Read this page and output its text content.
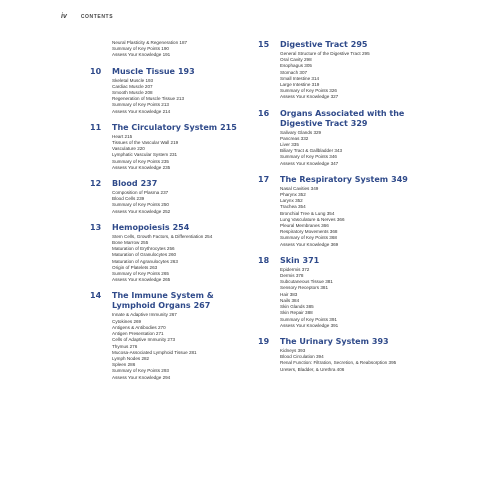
iv	CONTENTS
Neural Plasticity & Regeneration 187
Summary of Key Points 190
Assess Your Knowledge 191
10	Muscle Tissue 193
Skeletal Muscle 193
Cardiac Muscle 207
Smooth Muscle 208
Regeneration of Muscle Tissue 213
Summary of Key Points 213
Assess Your Knowledge 214
11	The Circulatory System 215
Heart 215
Tissues of the Vascular Wall 219
Vasculature 220
Lymphatic Vascular System 231
Summary of Key Points 235
Assess Your Knowledge 235
12	Blood 237
Composition of Plasma 237
Blood Cells 239
Summary of Key Points 250
Assess Your Knowledge 252
13	Hemopoiesis 254
Stem Cells, Growth Factors, & Differentiation 254
Bone Marrow 255
Maturation of Erythrocytes 256
Maturation of Granulocytes 260
Maturation of Agranulocytes 263
Origin of Platelets 263
Summary of Key Points 265
Assess Your Knowledge 265
14	The Immune System & Lymphoid Organs 267
Innate & Adaptive Immunity 267
Cytokines 269
Antigens & Antibodies 270
Antigen Presentation 271
Cells of Adaptive Immunity 273
Thymus 276
Mucosa-Associated Lymphoid Tissue 281
Lymph Nodes 282
Spleen 286
Summary of Key Points 293
Assess Your Knowledge 294
15	Digestive Tract 295
General Structure of the Digestive Tract 295
Oral Cavity 298
Esophagus 305
Stomach 307
Small Intestine 314
Large Intestine 319
Summary of Key Points 326
Assess Your Knowledge 327
16	Organs Associated with the Digestive Tract 329
Salivary Glands 329
Pancreas 332
Liver 335
Biliary Tract & Gallbladder 343
Summary of Key Points 346
Assess Your Knowledge 347
17	The Respiratory System 349
Nasal Cavities 349
Pharynx 352
Larynx 352
Trachea 354
Bronchial Tree & Lung 354
Lung Vasculature & Nerves 366
Pleural Membranes 366
Respiratory Movements 368
Summary of Key Points 368
Assess Your Knowledge 369
18	Skin 371
Epidermis 372
Dermis 378
Subcutaneous Tissue 381
Sensory Receptors 381
Hair 383
Nails 384
Skin Glands 385
Skin Repair 388
Summary of Key Points 391
Assess Your Knowledge 391
19	The Urinary System 393
Kidneys 393
Blood Circulation 394
Renal Function: Filtration, Secretion, & Reabsorption 395
Ureters, Bladder, & Urethra 406
